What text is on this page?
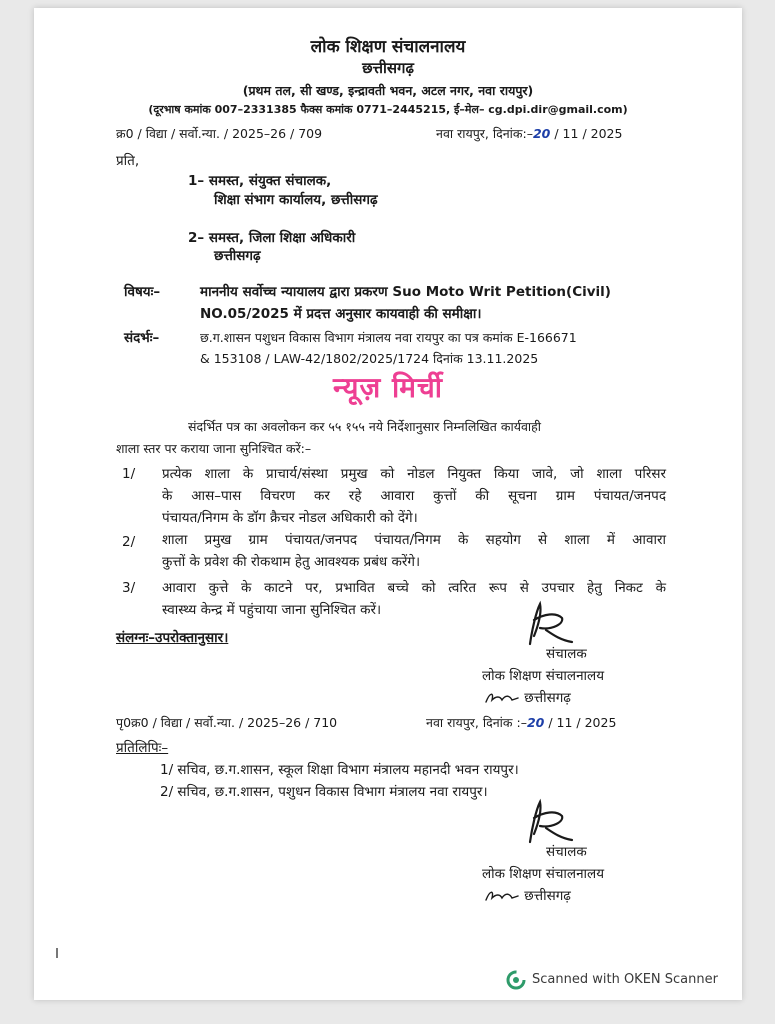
लोक शिक्षण संचालनालय
छत्तीसगढ़
(प्रथम तल, सी खण्ड, इन्द्रावती भवन, अटल नगर, नवा रायपुर)
(दूरभाष कमांक 007–2331385 फैक्स कमांक 0771–2445215, ई–मेल– cg.dpi.dir@gmail.com)
क्र0 / विद्या / सर्वो.न्या. / 2025–26 / 709	नवा रायपुर, दिनांक:–20 / 11 / 2025
प्रति,
1– समस्त, संयुक्त संचालक,
शिक्षा संभाग कार्यालय, छत्तीसगढ़
2– समस्त, जिला शिक्षा अधिकारी
छत्तीसगढ़
विषयः–	माननीय सर्वोच्च न्यायालय द्वारा प्रकरण Suo Moto Writ Petition(Civil)
NO.05/2025 में प्रदत्त अनुसार कायवाही की समीक्षा।
संदर्भः–	छ.ग.शासन पशुधन विकास विभाग मंत्रालय नवा रायपुर का पत्र कमांक E-166671
& 153108 / LAW-42/1802/2025/1724 दिनांक 13.11.2025
न्यूज़ मिर्ची
संदर्भित पत्र का अवलोकन कर ५५ १५५ नये निर्देशानुसार निम्नलिखित कार्यवाही
शाला स्तर पर कराया जाना सुनिश्चित करें:–
1/ प्रत्येक शाला के प्राचार्य/संस्था प्रमुख को नोडल नियुक्त किया जावे, जो शाला परिसर
के आस–पास विचरण कर रहे आवारा कुत्तों की सूचना ग्राम पंचायत/जनपद
पंचायत/निगम के डॉग क्रैचर नोडल अधिकारी को देंगे।
2/ शाला प्रमुख ग्राम पंचायत/जनपद पंचायत/निगम के सहयोग से शाला में आवारा
कुत्तों के प्रवेश की रोकथाम हेतु आवश्यक प्रबंध करेंगे।
3/ आवारा कुत्ते के काटने पर, प्रभावित बच्चे को त्वरित रूप से उपचार हेतु निकट के
स्वास्थ्य केन्द्र में पहुंचाया जाना सुनिश्चित करें।
संलग्नः–उपरोक्तानुसार।
संचालक
लोक शिक्षण संचालनालय
छत्तीसगढ़
पृ0क्र0 / विद्या / सर्वो.न्या. / 2025–26 / 710	नवा रायपुर, दिनांक :–20 / 11 / 2025
प्रतिलिपिः–
1/ सचिव, छ.ग.शासन, स्कूल शिक्षा विभाग मंत्रालय महानदी भवन रायपुर।
2/ सचिव, छ.ग.शासन, पशुधन विकास विभाग मंत्रालय नवा रायपुर।
संचालक
लोक शिक्षण संचालनालय
छत्तीसगढ़
Scanned with OKEN Scanner
